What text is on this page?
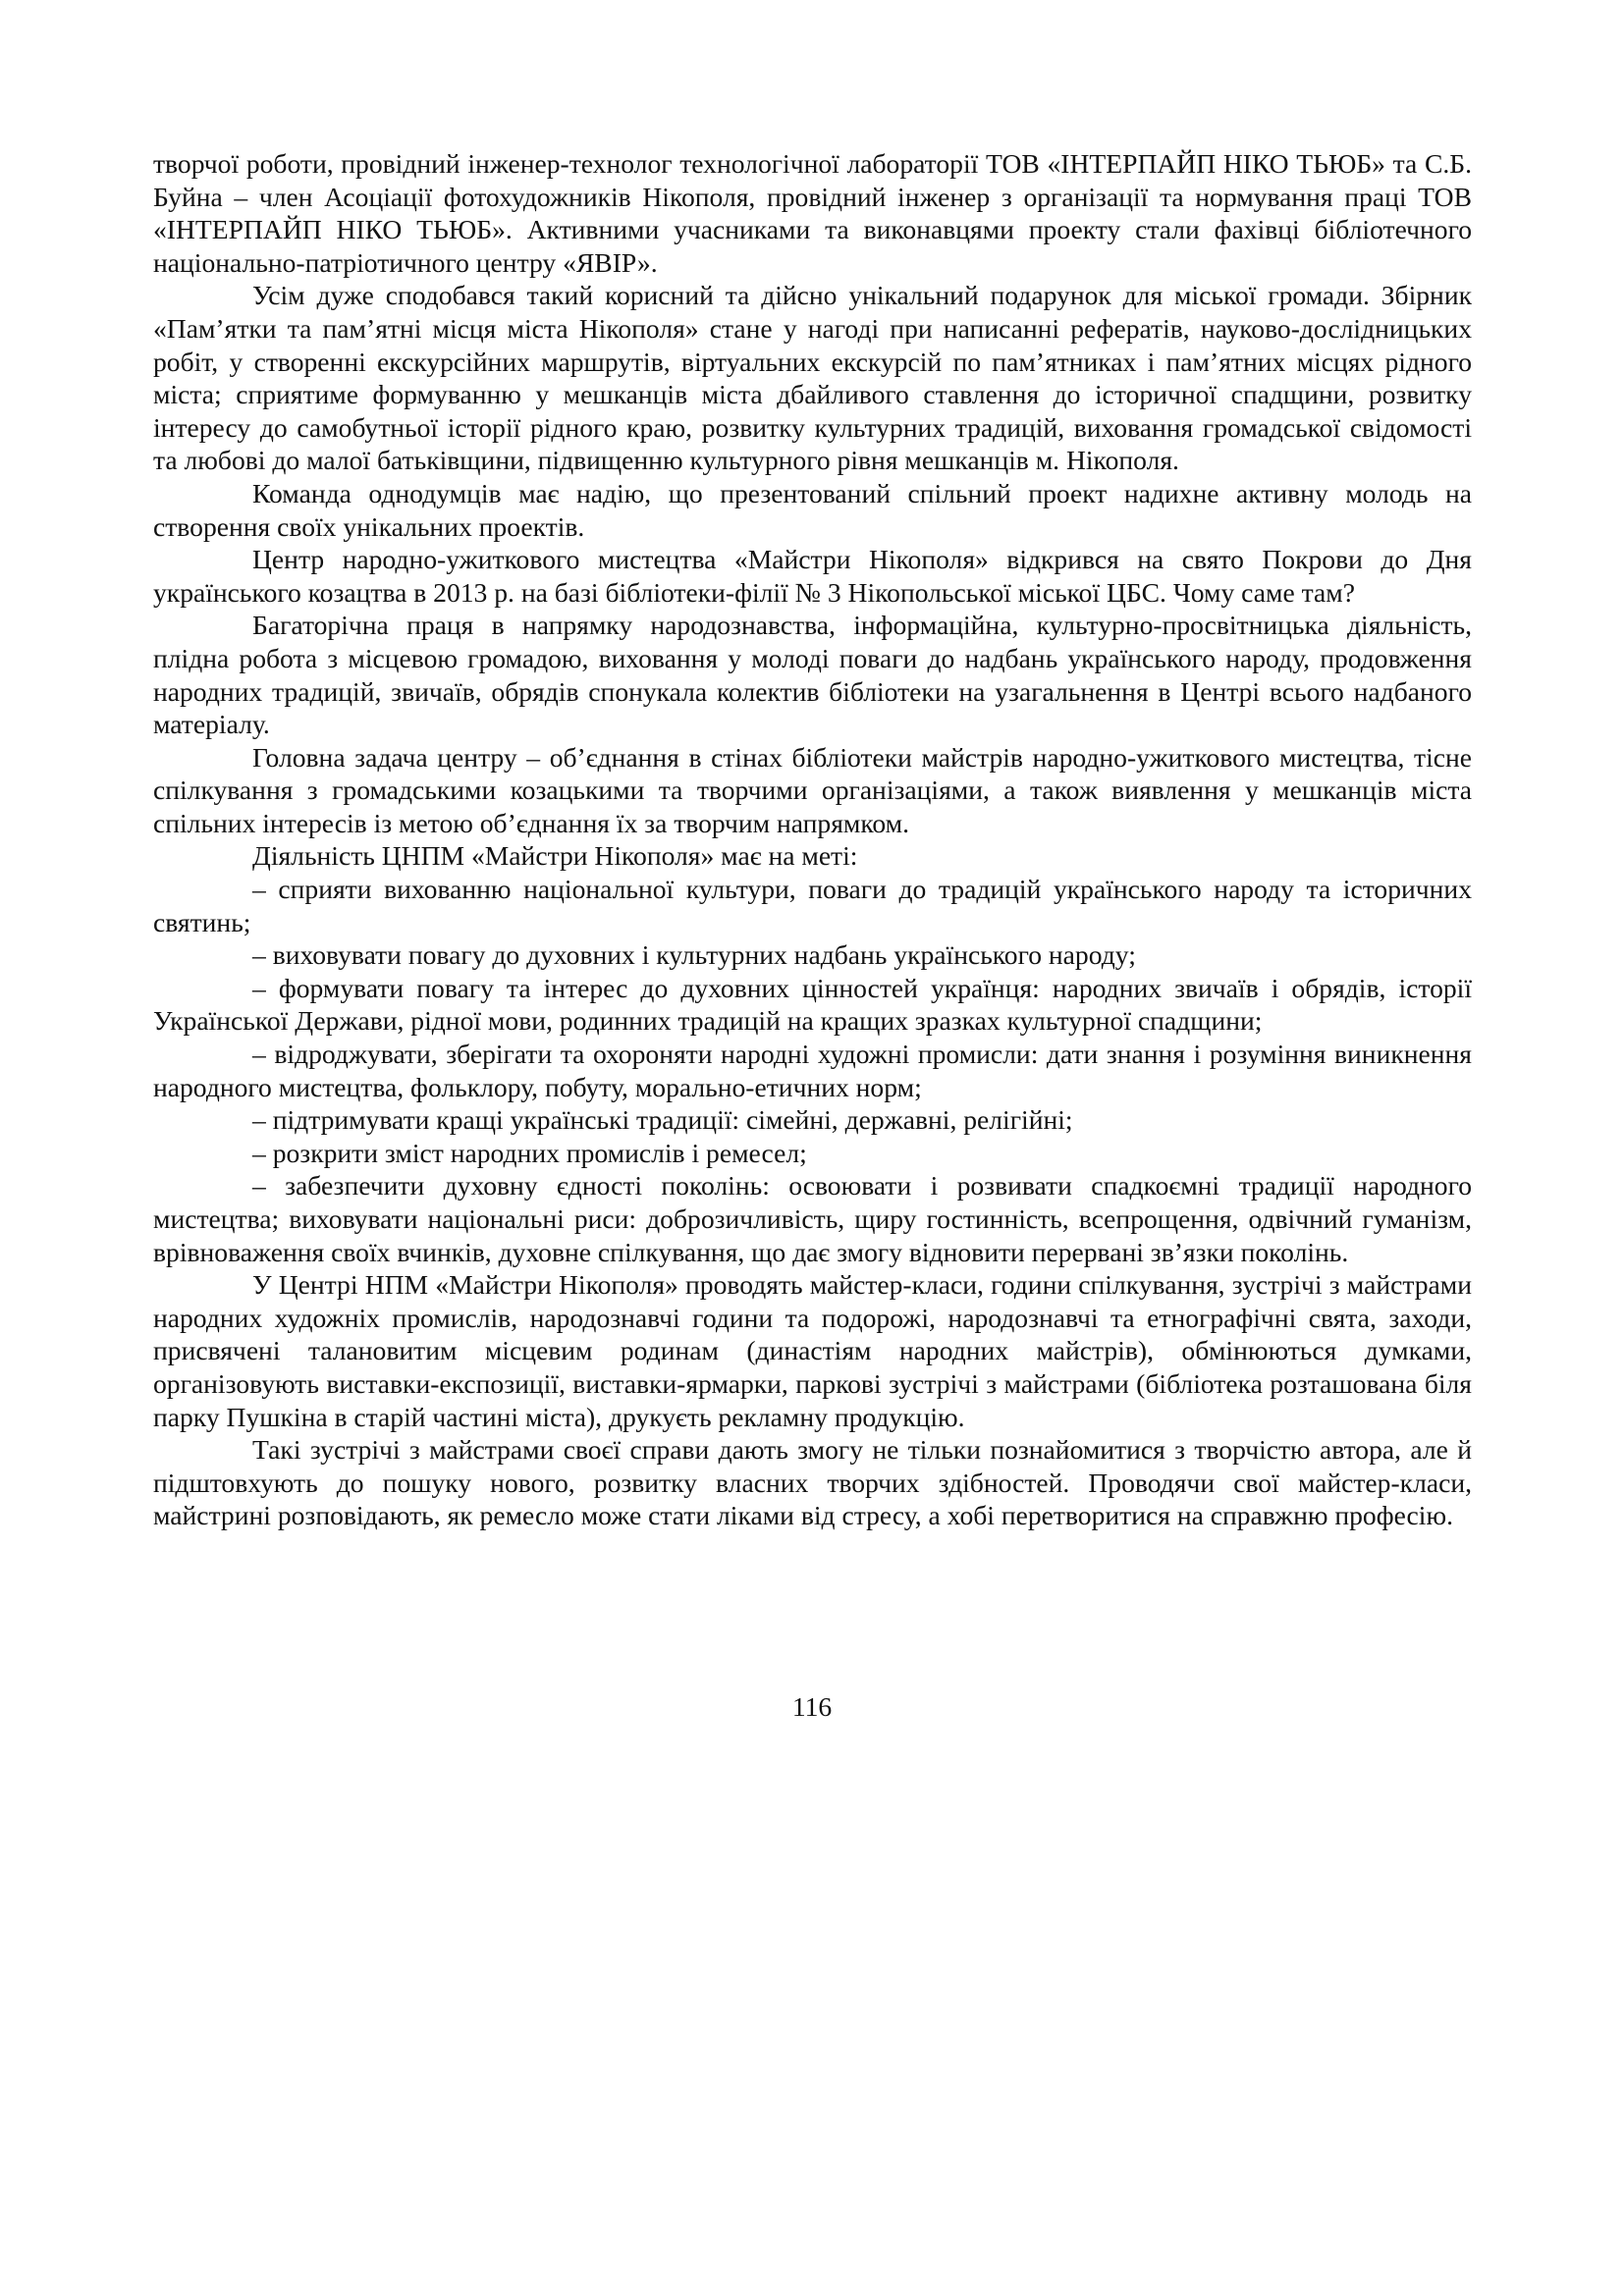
творчої роботи, провідний інженер-технолог технологічної лабораторії ТОВ «ІНТЕРПАЙП НІКО ТЬЮБ» та С.Б. Буйна – член Асоціації фотохудожників Нікополя, провідний інженер з організації та нормування праці ТОВ «ІНТЕРПАЙП НІКО ТЬЮБ». Активними учасниками та виконавцями проекту стали фахівці бібліотечного національно-патріотичного центру «ЯВІР».

Усім дуже сподобався такий корисний та дійсно унікальний подарунок для міської громади. Збірник «Пам’ятки та пам’ятні місця міста Нікополя» стане у нагоді при написанні рефератів, науково-дослідницьких робіт, у створенні екскурсійних маршрутів, віртуальних екскурсій по пам’ятниках і пам’ятних місцях рідного міста; сприятиме формуванню у мешканців міста дбайливого ставлення до історичної спадщини, розвитку інтересу до самобутньої історії рідного краю, розвитку культурних традицій, виховання громадської свідомості та любові до малої батьківщини, підвищенню культурного рівня мешканців м. Нікополя.

Команда однодумців має надію, що презентований спільний проект надихне активну молодь на створення своїх унікальних проектів.

Центр народно-ужиткового мистецтва «Майстри Нікополя» відкрився на свято Покрови до Дня українського козацтва в 2013 р. на базі бібліотеки-філії № 3 Нікопольської міської ЦБС. Чому саме там?

Багаторічна праця в напрямку народознавства, інформаційна, культурно-просвітницька діяльність, плідна робота з місцевою громадою, виховання у молоді поваги до надбань українського народу, продовження народних традицій, звичаїв, обрядів спонукала колектив бібліотеки на узагальнення в Центрі всього надбаного матеріалу.

Головна задача центру – об’єднання в стінах бібліотеки майстрів народно-ужиткового мистецтва, тісне спілкування з громадськими козацькими та творчими організаціями, а також виявлення у мешканців міста спільних інтересів із метою об’єднання їх за творчим напрямком.

Діяльність ЦНПМ «Майстри Нікополя» має на меті:

– сприяти вихованню національної культури, поваги до традицій українського народу та історичних святинь;

– виховувати повагу до духовних і культурних надбань українського народу;

– формувати повагу та інтерес до духовних цінностей українця: народних звичаїв і обрядів, історії Української Держави, рідної мови, родинних традицій на кращих зразках культурної спадщини;

– відроджувати, зберігати та охороняти народні художні промисли: дати знання і розуміння виникнення народного мистецтва, фольклору, побуту, морально-етичних норм;

– підтримувати кращі українські традиції: сімейні, державні, релігійні;

– розкрити зміст народних промислів і ремесел;

– забезпечити духовну єдності поколінь: освоювати і розвивати спадкоємні традиції народного мистецтва; виховувати національні риси: доброзичливість, щиру гостинність, всепрощення, одвічний гуманізм, врівноваження своїх вчинків, духовне спілкування, що дає змогу відновити перервані зв’язки поколінь.

У Центрі НПМ «Майстри Нікополя» проводять майстер-класи, години спілкування, зустрічі з майстрами народних художніх промислів, народознавчі години та подорожі, народознавчі та етнографічні свята, заходи, присвячені талановитим місцевим родинам (династіям народних майстрів), обмінюються думками, організовують виставки-експозиції, виставки-ярмарки, паркові зустрічі з майстрами (бібліотека розташована біля парку Пушкіна в старій частині міста), друкуєть рекламну продукцію.

Такі зустрічі з майстрами своєї справи дають змогу не тільки познайомитися з творчістю автора, але й підштовхують до пошуку нового, розвитку власних творчих здібностей. Проводячи свої майстер-класи, майстрині розповідають, як ремесло може стати ліками від стресу, а хобі перетворитися на справжню професію.

116
